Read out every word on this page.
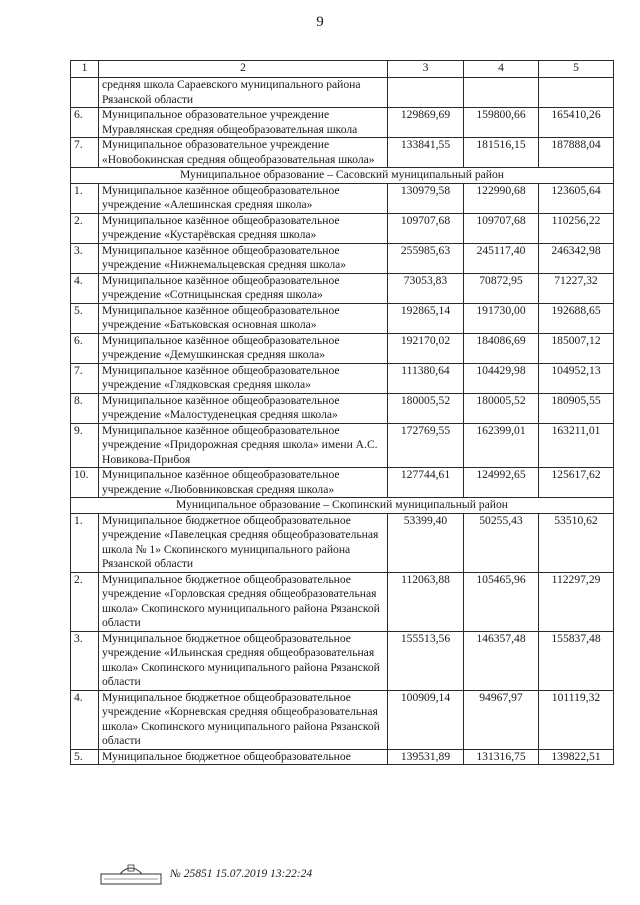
9
1	2	3	4	5
	средняя школа Сараевского муниципального района Рязанской области			
6.	Муниципальное образовательное учреждение Муравлянская средняя общеобразовательная школа	129869,69	159800,66	165410,26
7.	Муниципальное образовательное учреждение «Новобокинская средняя общеобразовательная школа»	133841,55	181516,15	187888,04
Муниципальное образование – Сасовский муниципальный район				
1.	Муниципальное казённое общеобразовательное учреждение «Алешинская средняя школа»	130979,58	122990,68	123605,64
2.	Муниципальное казённое общеобразовательное учреждение «Кустарёвская средняя школа»	109707,68	109707,68	110256,22
3.	Муниципальное казённое общеобразовательное учреждение «Нижнемальцевская средняя школа»	255985,63	245117,40	246342,98
4.	Муниципальное казённое общеобразовательное учреждение «Сотницынская средняя школа»	73053,83	70872,95	71227,32
5.	Муниципальное казённое общеобразовательное учреждение «Батьковская основная школа»	192865,14	191730,00	192688,65
6.	Муниципальное казённое общеобразовательное учреждение «Демушкинская средняя школа»	192170,02	184086,69	185007,12
7.	Муниципальное казённое общеобразовательное учреждение «Глядковская средняя школа»	111380,64	104429,98	104952,13
8.	Муниципальное казённое общеобразовательное учреждение «Малостуденецкая средняя школа»	180005,52	180005,52	180905,55
9.	Муниципальное казённое общеобразовательное учреждение «Придорожная средняя школа» имени А.С. Новикова-Прибоя	172769,55	162399,01	163211,01
10.	Муниципальное казённое общеобразовательное учреждение «Любовниковская средняя школа»	127744,61	124992,65	125617,62
Муниципальное образование – Скопинский муниципальный район				
1.	Муниципальное бюджетное общеобразовательное учреждение «Павелецкая средняя общеобразовательная школа № 1» Скопинского муниципального района Рязанской области	53399,40	50255,43	53510,62
2.	Муниципальное бюджетное общеобразовательное учреждение «Горловская средняя общеобразовательная школа» Скопинского муниципального района Рязанской области	112063,88	105465,96	112297,29
3.	Муниципальное бюджетное общеобразовательное учреждение «Ильинская средняя общеобразовательная школа» Скопинского муниципального района Рязанской области	155513,56	146357,48	155837,48
4.	Муниципальное бюджетное общеобразовательное учреждение «Корневская средняя общеобразовательная школа» Скопинского муниципального района Рязанской области	100909,14	94967,97	101119,32
5.	Муниципальное бюджетное общеобразовательное	139531,89	131316,75	139822,51
№ 25851 15.07.2019 13:22:24
